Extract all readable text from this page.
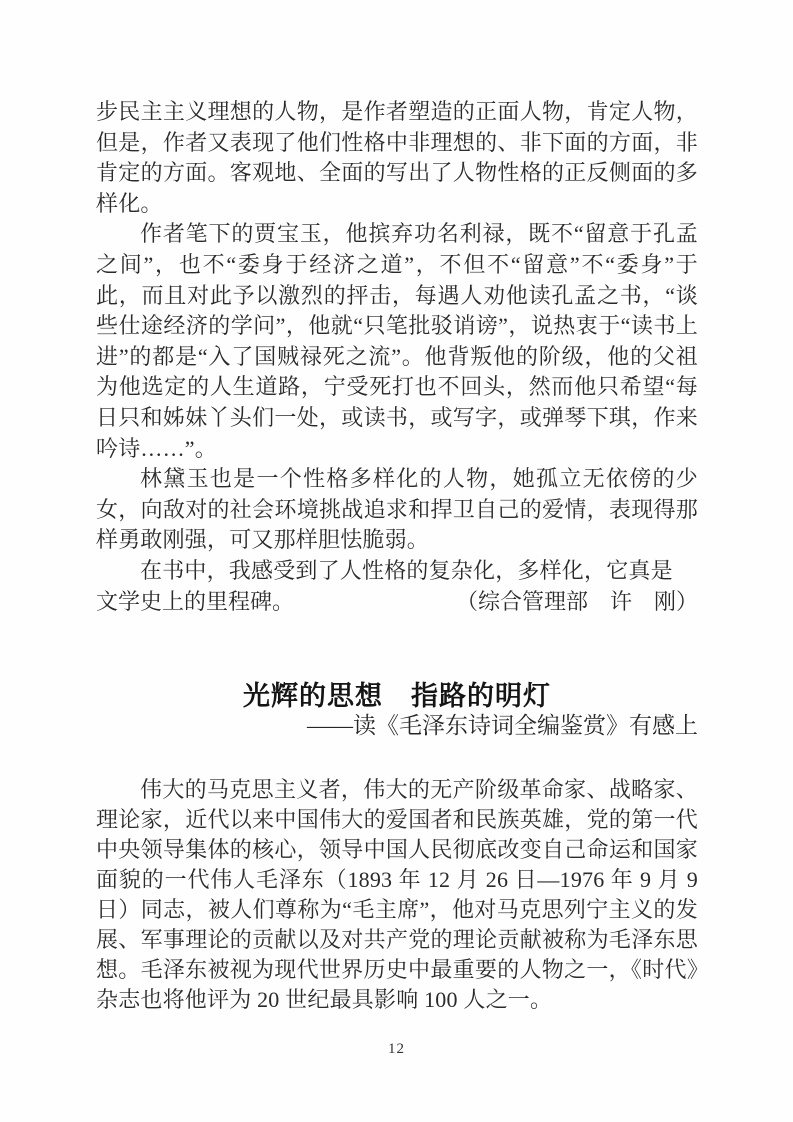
步民主主义理想的人物，是作者塑造的正面人物，肯定人物，但是，作者又表现了他们性格中非理想的、非下面的方面，非肯定的方面。客观地、全面的写出了人物性格的正反侧面的多样化。

作者笔下的贾宝玉，他摈弃功名利禄，既不“留意于孔孟之间”，也不“委身于经济之道”，不但不“留意”不“委身”于此，而且对此予以激烈的抨击，每遇人劝他读孔孟之书，“谈些仕途经济的学问”，他就“只笔批驳诮谤”，说热衷于“读书上进”的都是“入了国贼禄死之流”。他背叛他的阶级，他的父祖为他选定的人生道路，宁受死打也不回头，然而他只希望“每日只和姊妹丫头们一处，或读书，或写字，或弹琴下琪，作来吟诗……”。

林黛玉也是一个性格多样化的人物，她孤立无依傍的少女，向敌对的社会环境挑战追求和捍卫自己的爱情，表现得那样勇敢刚强，可又那样胆怯脆弱。

在书中，我感受到了人性格的复杂化，多样化，它真是

文学史上的里程碑。	（综合管理部　许　刚）
光辉的思想　指路的明灯

——读《毛泽东诗词全编鉴赏》有感上

伟大的马克思主义者，伟大的无产阶级革命家、战略家、理论家，近代以来中国伟大的爱国者和民族英雄，党的第一代中央领导集体的核心，领导中国人民彻底改变自己命运和国家面貌的一代伟人毛泽东（1893 年 12 月 26 日—1976 年 9 月 9 日）同志，被人们尊称为“毛主席”，他对马克思列宁主义的发展、军事理论的贡献以及对共产党的理论贡献被称为毛泽东思想。毛泽东被视为现代世界历史中最重要的人物之一，《时代》杂志也将他评为 20 世纪最具影响 100 人之一。

12
